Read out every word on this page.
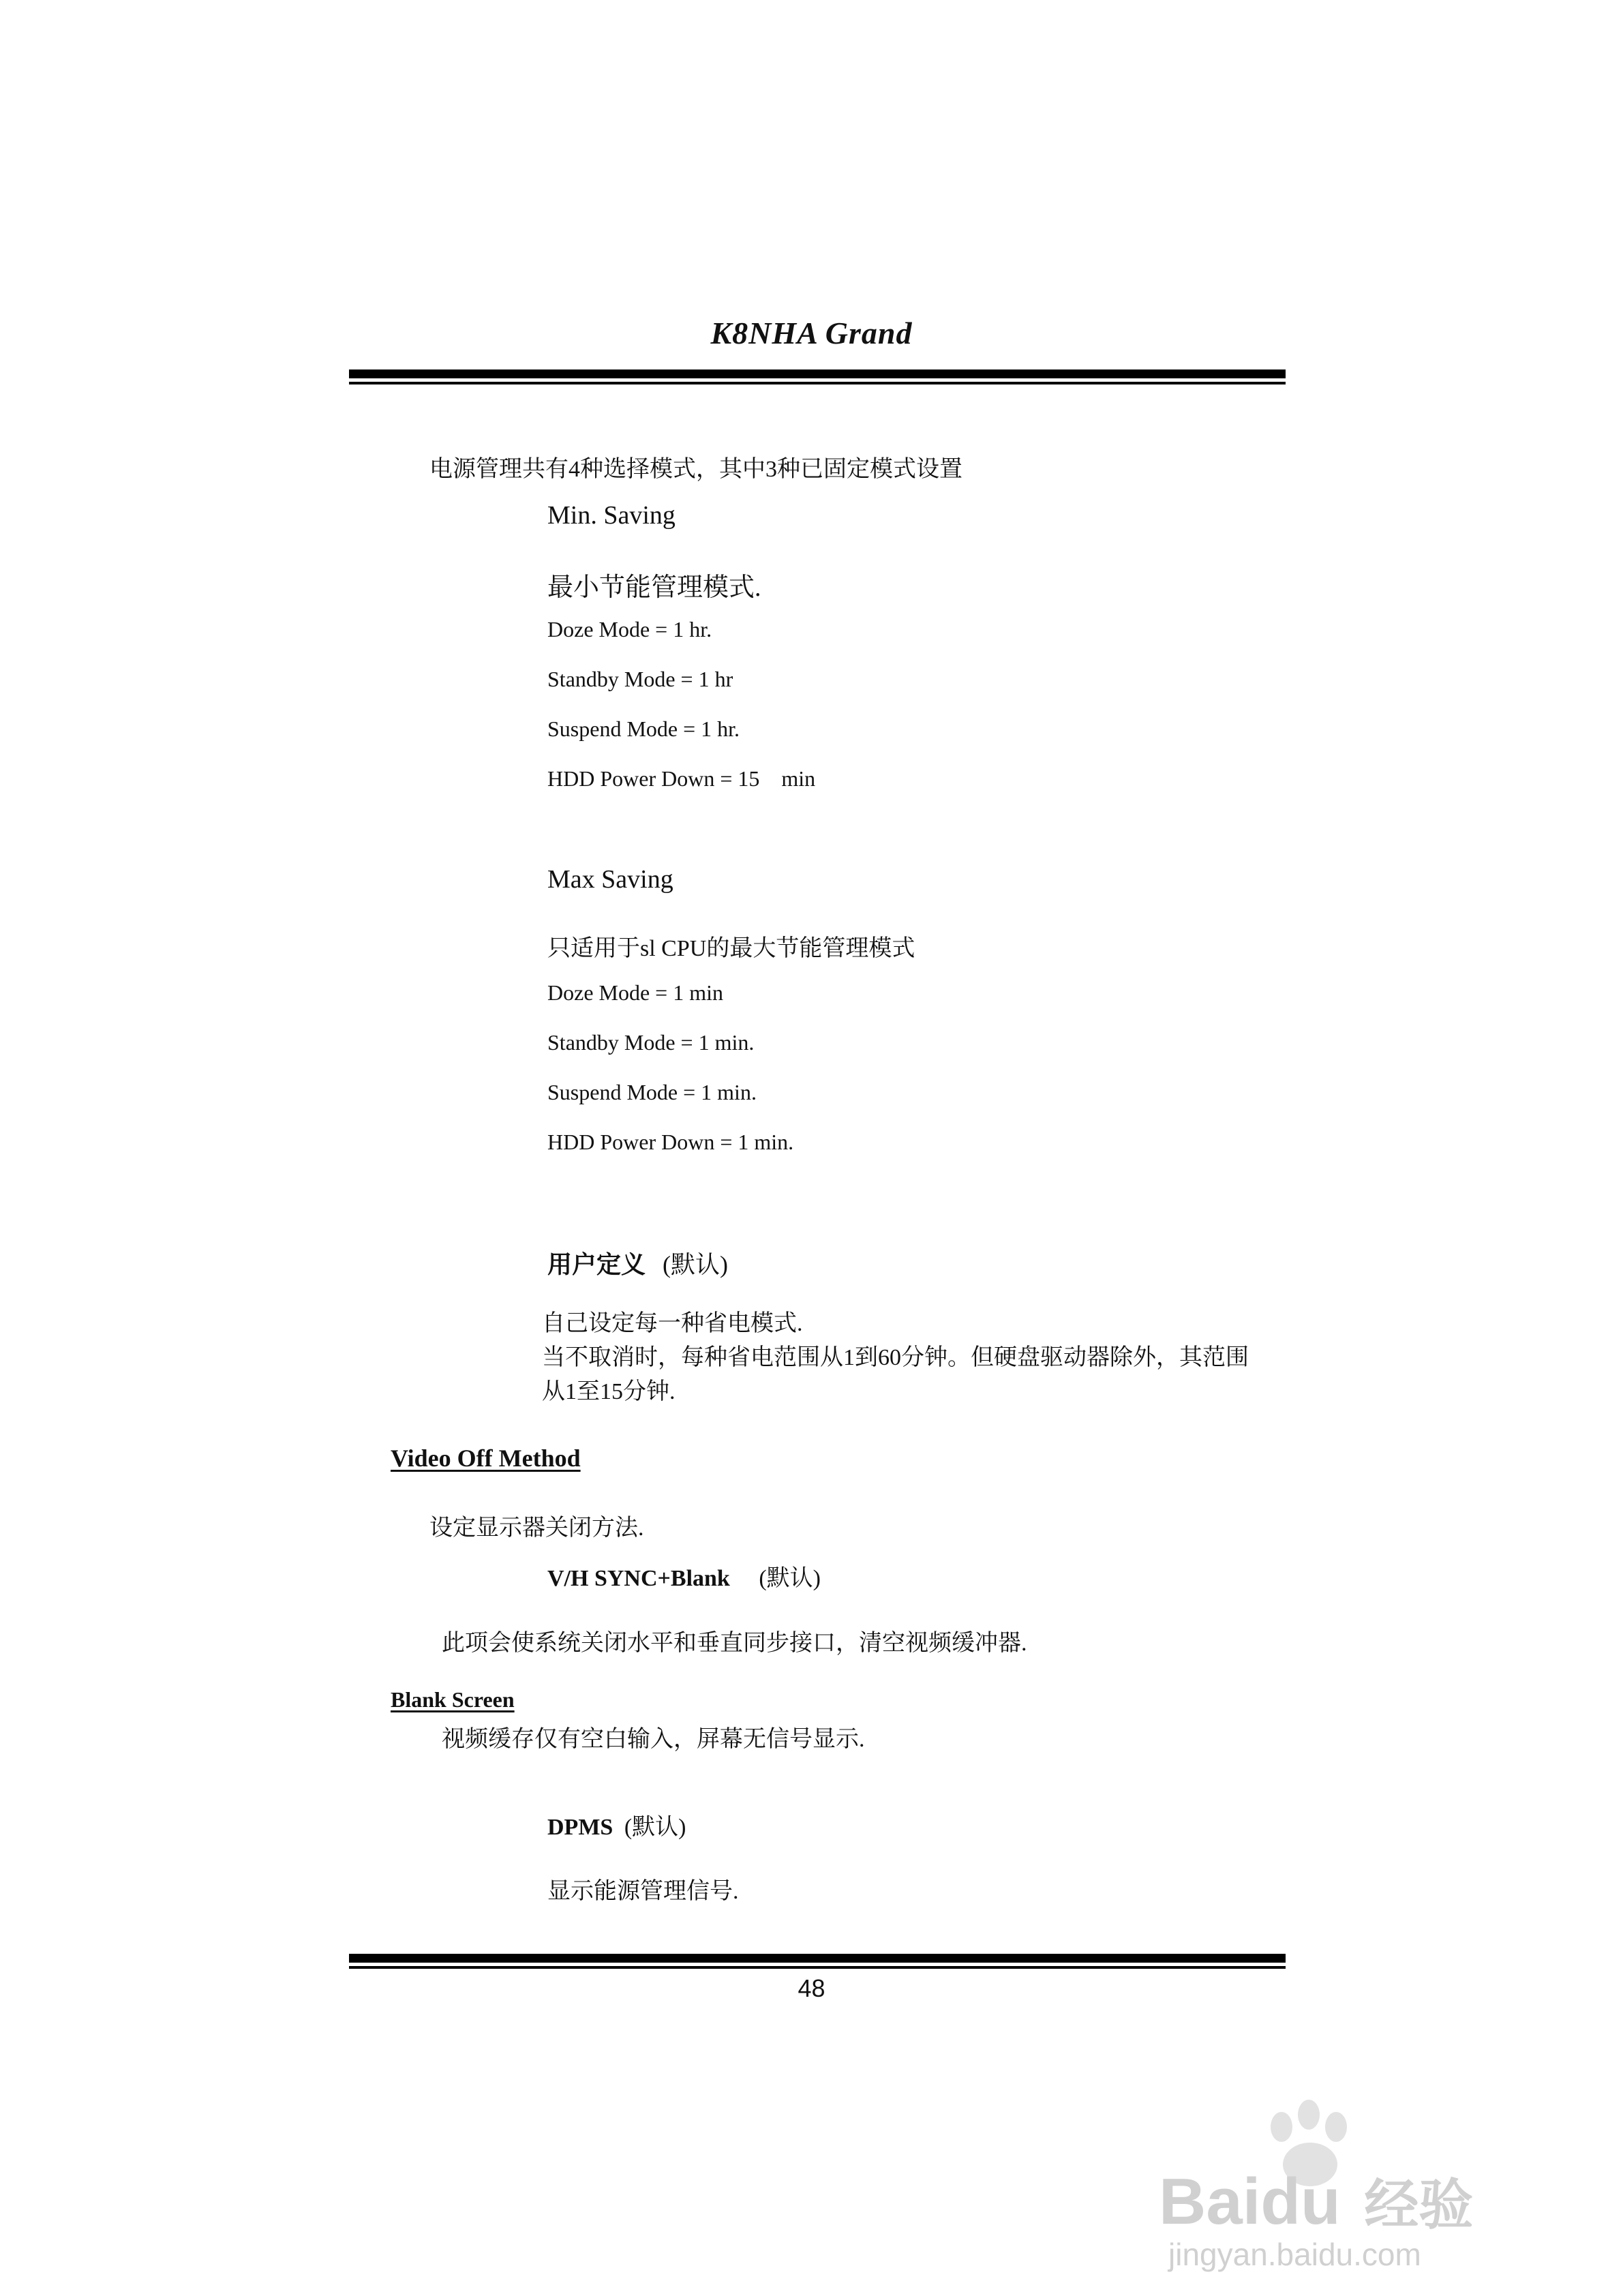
K8NHA Grand
电源管理共有4种选择模式，其中3种已固定模式设置
Min. Saving
最小节能管理模式.
Doze Mode = 1 hr.
Standby Mode = 1 hr
Suspend Mode = 1 hr.
HDD Power Down = 15    min
Max Saving
只适用于sl CPU的最大节能管理模式
Doze Mode = 1 min
Standby Mode = 1 min.
Suspend Mode = 1 min.
HDD Power Down = 1 min.
用户定义 (默认)
自己设定每一种省电模式.
当不取消时，每种省电范围从1到60分钟。但硬盘驱动器除外，其范围
从1至15分钟.
Video Off Method
设定显示器关闭方法.
V/H SYNC+Blank (默认)
此项会使系统关闭水平和垂直同步接口，清空视频缓冲器.
Blank Screen
视频缓存仅有空白输入，屏幕无信号显示.
DPMS (默认)
显示能源管理信号.
48
Baidu 经验
jingyan.baidu.com
